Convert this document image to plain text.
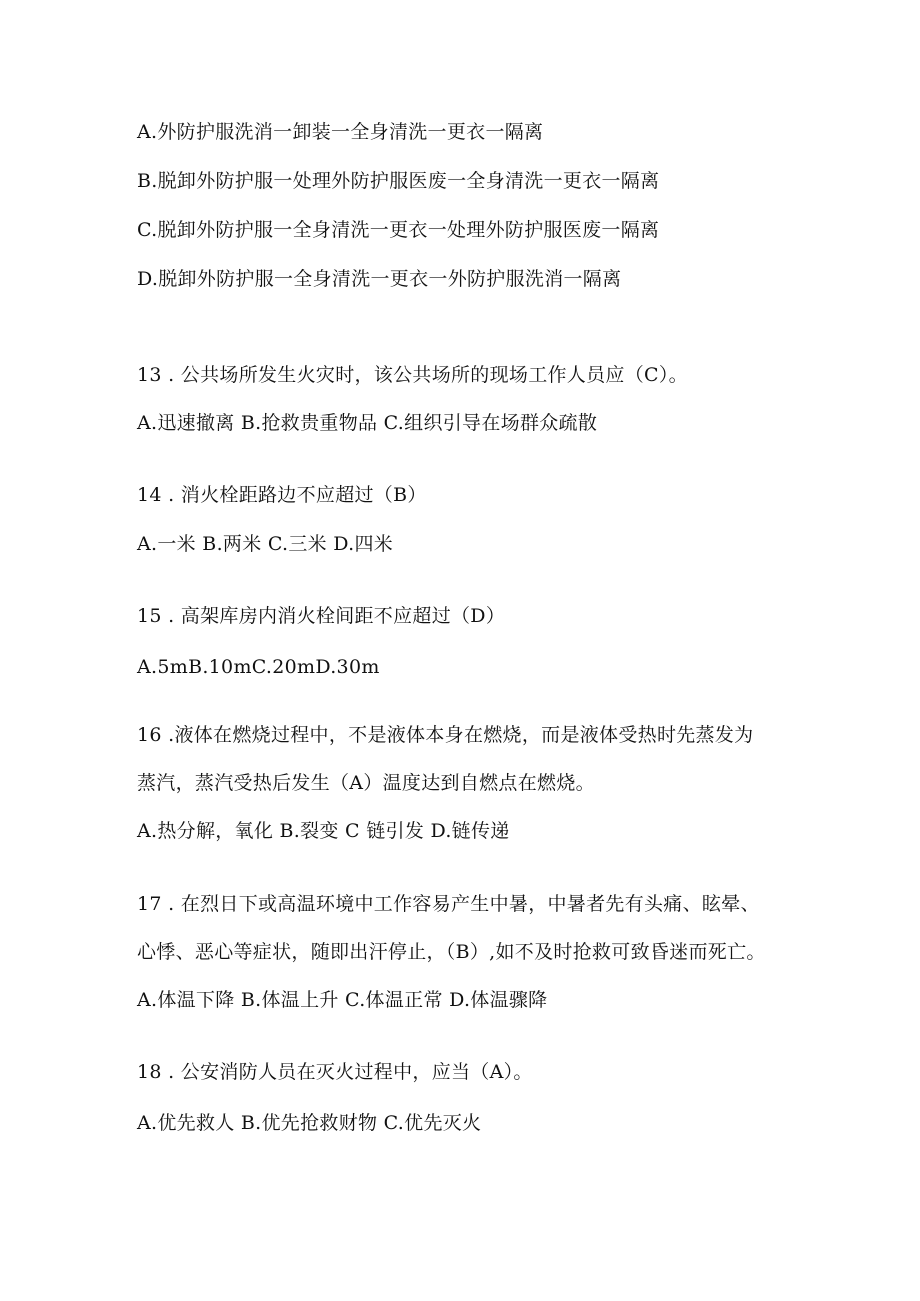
A.外防护服洗消一卸装一全身清洗一更衣一隔离
B.脱卸外防护服一处理外防护服医废一全身清洗一更衣一隔离
C.脱卸外防护服一全身清洗一更衣一处理外防护服医废一隔离
D.脱卸外防护服一全身清洗一更衣一外防护服洗消一隔离
13 . 公共场所发生火灾时，该公共场所的现场工作人员应（C）。
A.迅速撤离 B.抢救贵重物品 C.组织引导在场群众疏散
14 . 消火栓距路边不应超过（B）
A.一米 B.两米 C.三米 D.四米
15 . 高架库房内消火栓间距不应超过（D）
A.5mB.10mC.20mD.30m
16 .液体在燃烧过程中，不是液体本身在燃烧，而是液体受热时先蒸发为
蒸汽，蒸汽受热后发生（A）温度达到自燃点在燃烧。
A.热分解，氧化 B.裂变 C 链引发 D.链传递
17 . 在烈日下或高温环境中工作容易产生中暑，中暑者先有头痛、眩晕、
心悸、恶心等症状，随即出汗停止，（B）,如不及时抢救可致昏迷而死亡。
A.体温下降 B.体温上升 C.体温正常 D.体温骤降
18 . 公安消防人员在灭火过程中，应当（A）。
A.优先救人 B.优先抢救财物 C.优先灭火
